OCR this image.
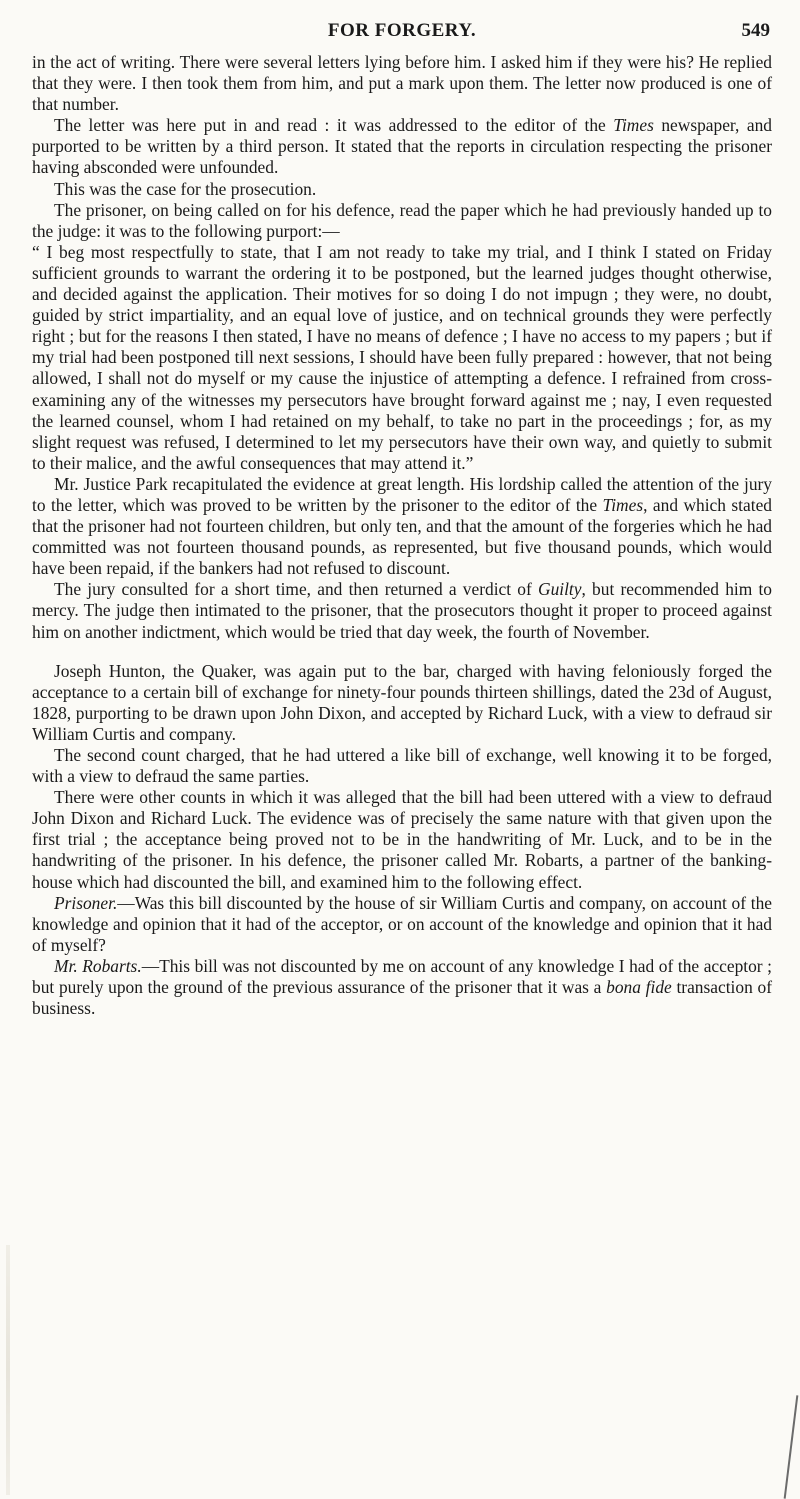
FOR FORGERY.	549

in the act of writing. There were several letters lying before him. I asked him if they were his? He replied that they were. I then took them from him, and put a mark upon them. The letter now produced is one of that number.

The letter was here put in and read : it was addressed to the editor of the Times newspaper, and purported to be written by a third person. It stated that the reports in circulation respecting the prisoner having absconded were unfounded.

This was the case for the prosecution.

The prisoner, on being called on for his defence, read the paper which he had previously handed up to the judge: it was to the following purport:—

“ I beg most respectfully to state, that I am not ready to take my trial, and I think I stated on Friday sufficient grounds to warrant the ordering it to be postponed, but the learned judges thought otherwise, and decided against the application. Their motives for so doing I do not impugn ; they were, no doubt, guided by strict impartiality, and an equal love of justice, and on technical grounds they were perfectly right ; but for the reasons I then stated, I have no means of defence ; I have no access to my papers ; but if my trial had been postponed till next sessions, I should have been fully prepared : however, that not being allowed, I shall not do myself or my cause the injustice of attempting a defence. I refrained from cross-examining any of the witnesses my persecutors have brought forward against me ; nay, I even requested the learned counsel, whom I had retained on my behalf, to take no part in the proceedings ; for, as my slight request was refused, I determined to let my persecutors have their own way, and quietly to submit to their malice, and the awful consequences that may attend it.”

Mr. Justice Park recapitulated the evidence at great length. His lordship called the attention of the jury to the letter, which was proved to be written by the prisoner to the editor of the Times, and which stated that the prisoner had not fourteen children, but only ten, and that the amount of the forgeries which he had committed was not fourteen thousand pounds, as represented, but five thousand pounds, which would have been repaid, if the bankers had not refused to discount.

The jury consulted for a short time, and then returned a verdict of Guilty, but recommended him to mercy. The judge then intimated to the prisoner, that the prosecutors thought it proper to proceed against him on another indictment, which would be tried that day week, the fourth of November.

Joseph Hunton, the Quaker, was again put to the bar, charged with having feloniously forged the acceptance to a certain bill of exchange for ninety-four pounds thirteen shillings, dated the 23d of August, 1828, purporting to be drawn upon John Dixon, and accepted by Richard Luck, with a view to defraud sir William Curtis and company.

The second count charged, that he had uttered a like bill of exchange, well knowing it to be forged, with a view to defraud the same parties.

There were other counts in which it was alleged that the bill had been uttered with a view to defraud John Dixon and Richard Luck. The evidence was of precisely the same nature with that given upon the first trial ; the acceptance being proved not to be in the handwriting of Mr. Luck, and to be in the handwriting of the prisoner. In his defence, the prisoner called Mr. Robarts, a partner of the banking-house which had discounted the bill, and examined him to the following effect.

Prisoner.—Was this bill discounted by the house of sir William Curtis and company, on account of the knowledge and opinion that it had of the acceptor, or on account of the knowledge and opinion that it had of myself?

Mr. Robarts.—This bill was not discounted by me on account of any knowledge I had of the acceptor ; but purely upon the ground of the previous assurance of the prisoner that it was a bona fide transaction of business.
